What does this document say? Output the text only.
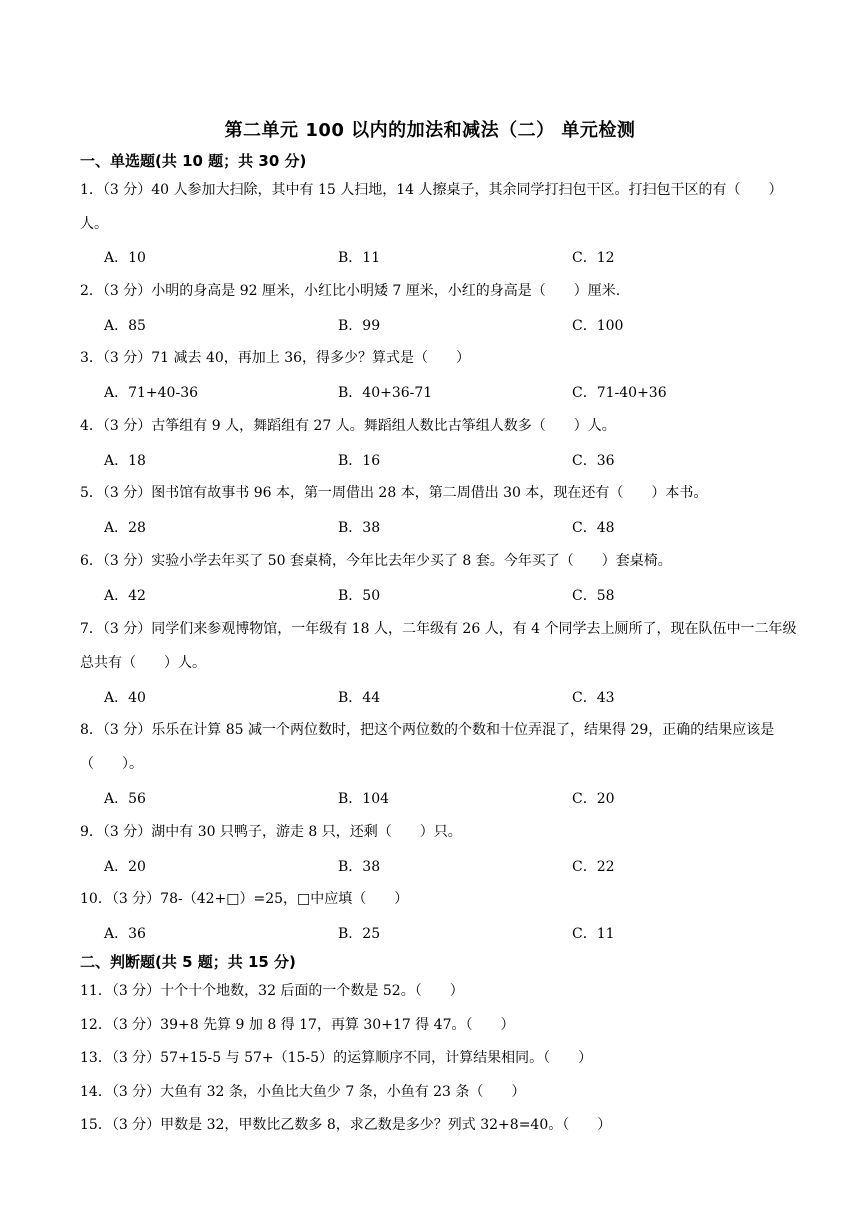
第二单元 100 以内的加法和减法（二） 单元检测
一、单选题(共 10 题；共 30 分)
1．（3 分）40 人参加大扫除，其中有 15 人扫地，14 人擦桌子，其余同学打扫包干区。打扫包干区的有（　　）人。
A．10	B．11	C．12
2．（3 分）小明的身高是 92 厘米，小红比小明矮 7 厘米，小红的身高是（　　）厘米.
A．85	B．99	C．100
3．（3 分）71 减去 40，再加上 36，得多少？算式是（　　）
A．71+40-36	B．40+36-71	C．71-40+36
4．（3 分）古筝组有 9 人，舞蹈组有 27 人。舞蹈组人数比古筝组人数多（　　）人。
A．18	B．16	C．36
5．（3 分）图书馆有故事书 96 本，第一周借出 28 本，第二周借出 30 本，现在还有（　　）本书。
A．28	B．38	C．48
6．（3 分）实验小学去年买了 50 套桌椅，今年比去年少买了 8 套。今年买了（　　）套桌椅。
A．42	B．50	C．58
7．（3 分）同学们来参观博物馆，一年级有 18 人，二年级有 26 人，有 4 个同学去上厕所了，现在队伍中一二年级总共有（　　）人。
A．40	B．44	C．43
8．（3 分）乐乐在计算 85 减一个两位数时，把这个两位数的个数和十位弄混了，结果得 29，正确的结果应该是（　　）。
A．56	B．104	C．20
9．（3 分）湖中有 30 只鸭子，游走 8 只，还剩（　　）只。
A．20	B．38	C．22
10．（3 分）78-（42+□）=25，□中应填（　　）
A．36	B．25	C．11
二、判断题(共 5 题；共 15 分)
11．（3 分）十个十个地数，32 后面的一个数是 52。（　　）
12．（3 分）39+8 先算 9 加 8 得 17，再算 30+17 得 47。（　　）
13．（3 分）57+15-5 与 57+（15-5）的运算顺序不同，计算结果相同。（　　）
14．（3 分）大鱼有 32 条，小鱼比大鱼少 7 条，小鱼有 23 条（　　）
15．（3 分）甲数是 32，甲数比乙数多 8，求乙数是多少？列式 32+8=40。（　　）
